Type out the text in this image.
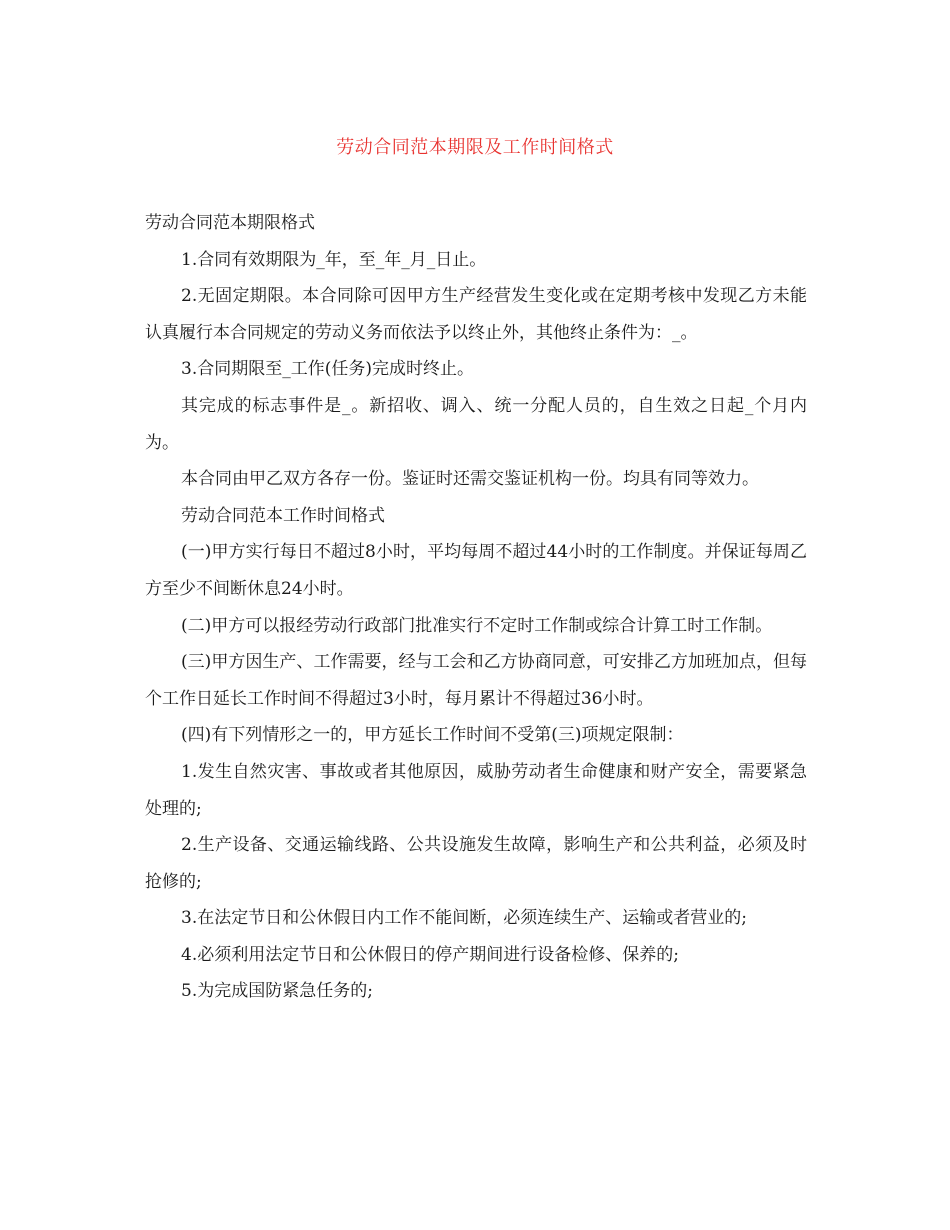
劳动合同范本期限及工作时间格式

劳动合同范本期限格式

1.合同有效期限为_年，至_年_月_日止。

2.无固定期限。本合同除可因甲方生产经营发生变化或在定期考核中发现乙方未能认真履行本合同规定的劳动义务而依法予以终止外，其他终止条件为：_。

3.合同期限至_工作(任务)完成时终止。

其完成的标志事件是_。新招收、调入、统一分配人员的，自生效之日起_个月内为。

本合同由甲乙双方各存一份。鉴证时还需交鉴证机构一份。均具有同等效力。

劳动合同范本工作时间格式

(一)甲方实行每日不超过8小时，平均每周不超过44小时的工作制度。并保证每周乙方至少不间断休息24小时。

(二)甲方可以报经劳动行政部门批准实行不定时工作制或综合计算工时工作制。

(三)甲方因生产、工作需要，经与工会和乙方协商同意，可安排乙方加班加点，但每个工作日延长工作时间不得超过3小时，每月累计不得超过36小时。

(四)有下列情形之一的，甲方延长工作时间不受第(三)项规定限制：

1.发生自然灾害、事故或者其他原因，威胁劳动者生命健康和财产安全，需要紧急处理的;

2.生产设备、交通运输线路、公共设施发生故障，影响生产和公共利益，必须及时抢修的;

3.在法定节日和公休假日内工作不能间断，必须连续生产、运输或者营业的;

4.必须利用法定节日和公休假日的停产期间进行设备检修、保养的;

5.为完成国防紧急任务的;
